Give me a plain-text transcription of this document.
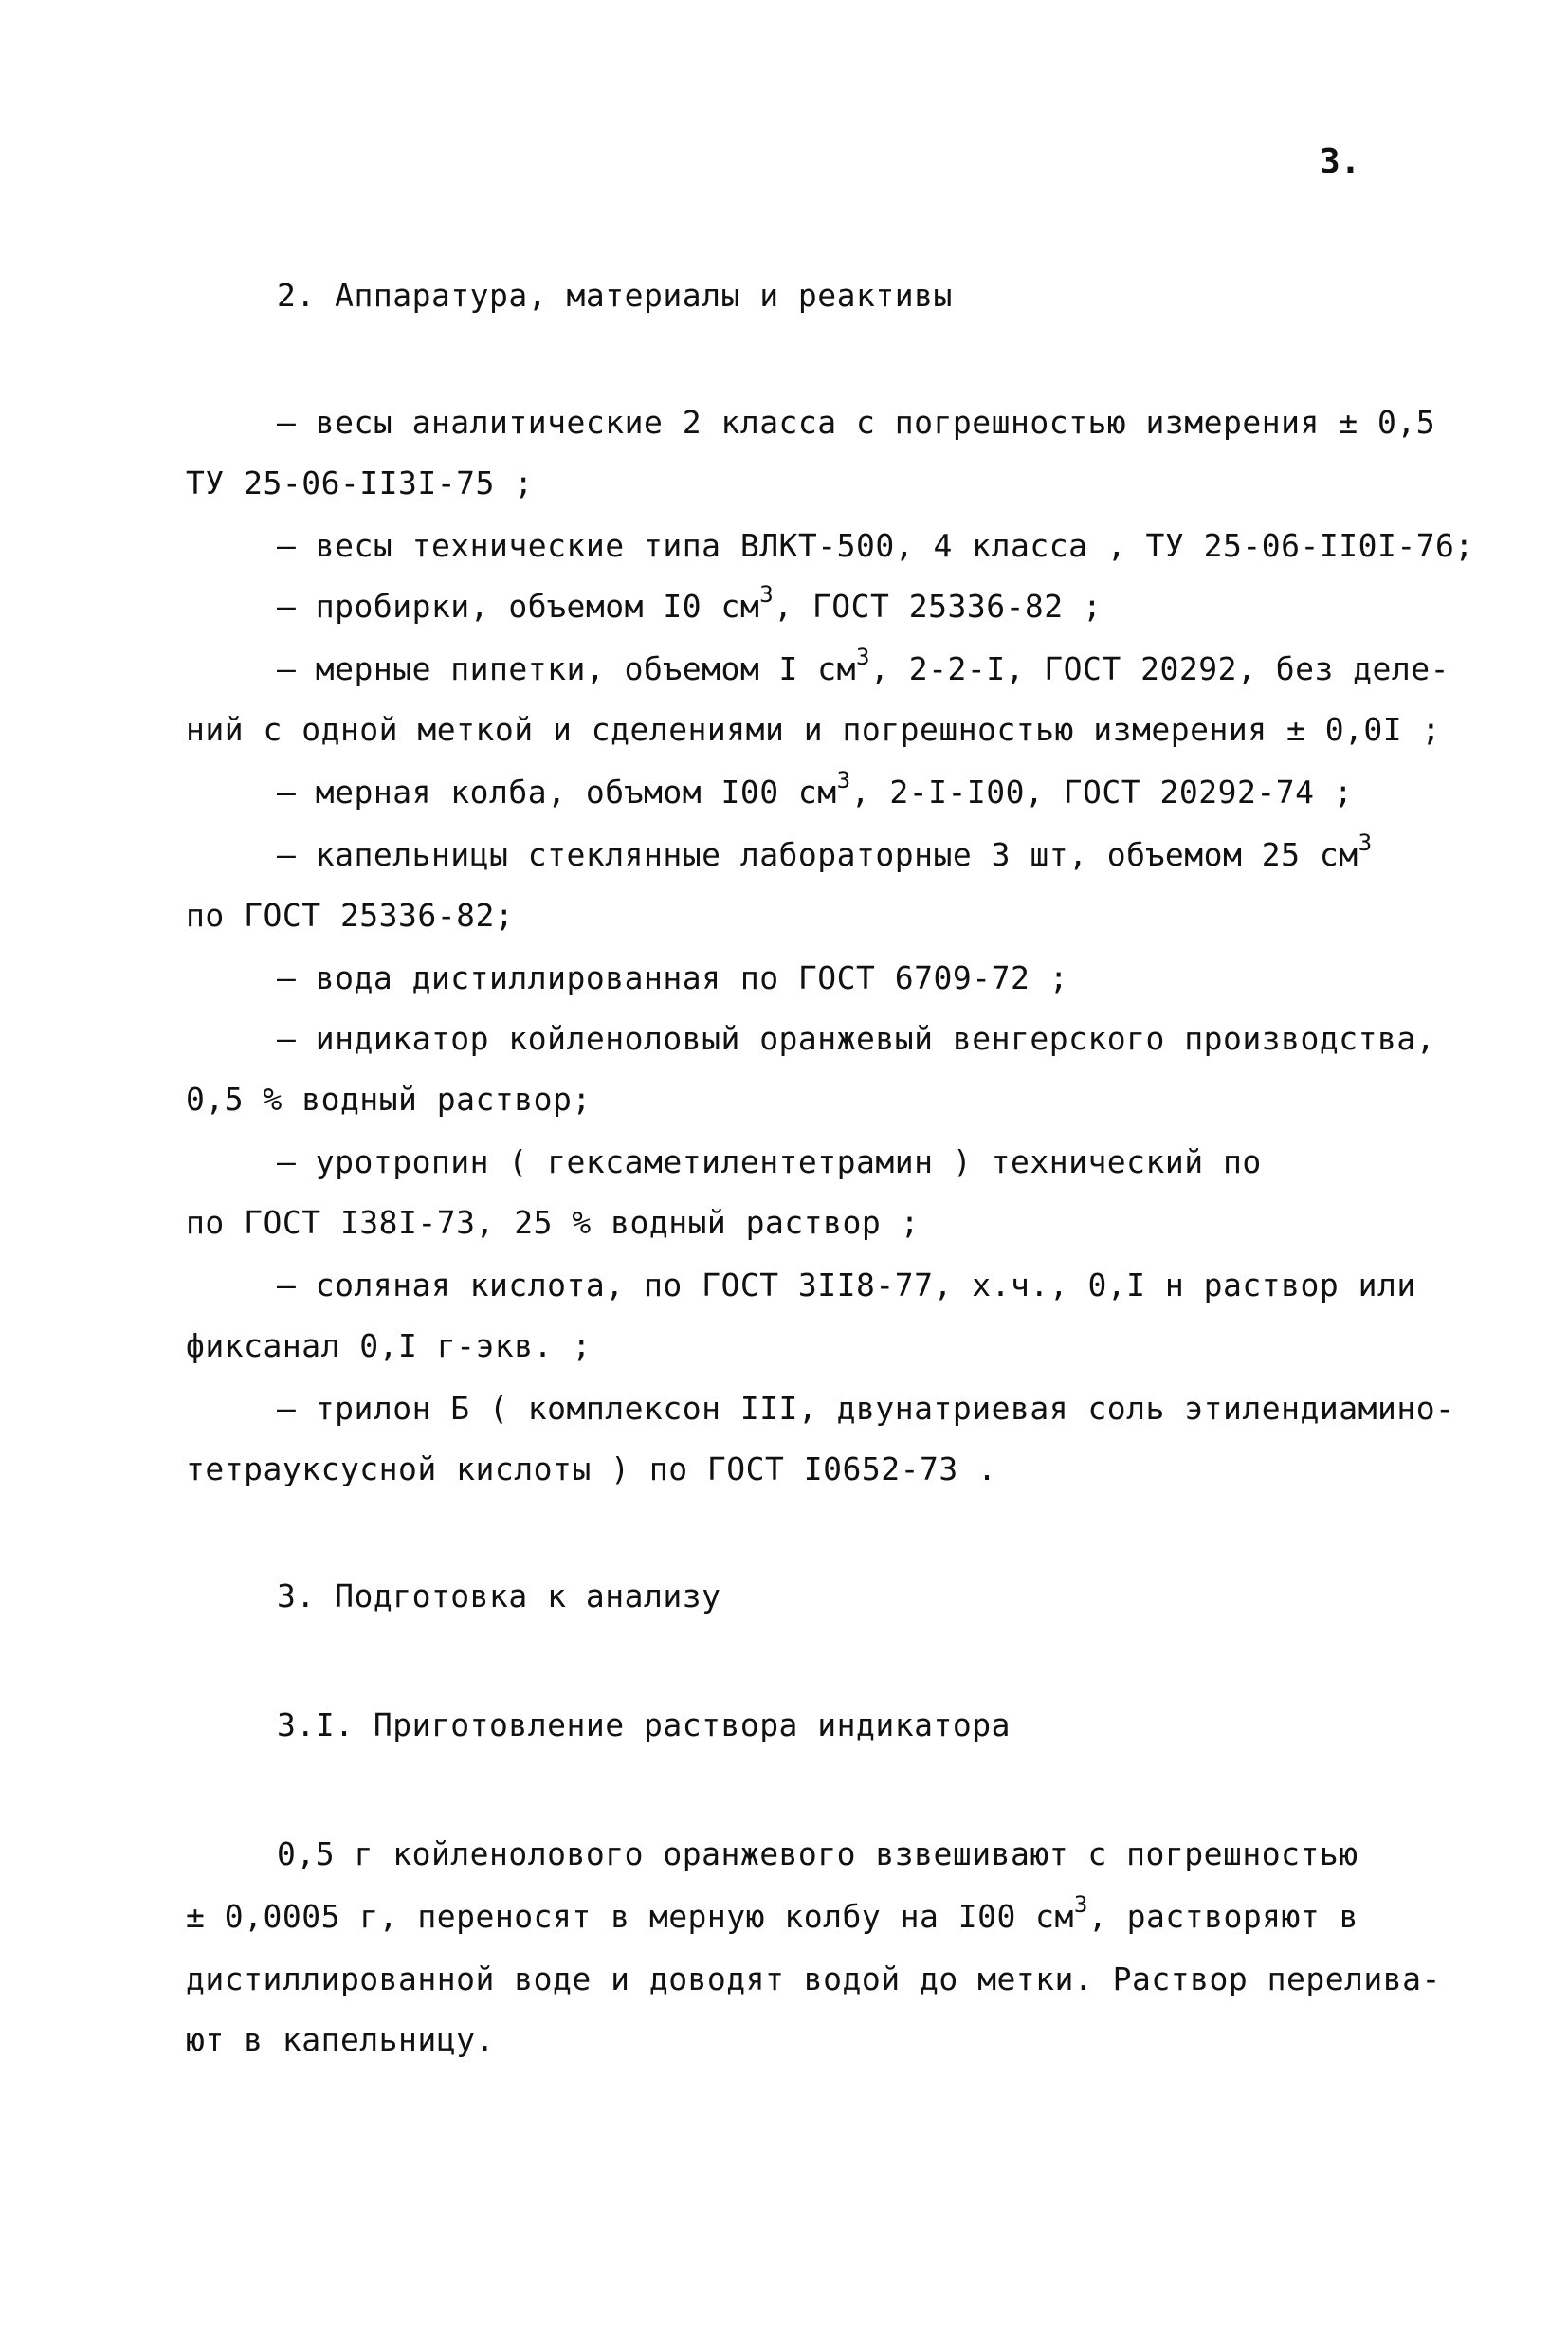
3.
2. Аппаратура, материалы и реактивы
– весы аналитические 2 класса с погрешностью измерения ± 0,5
ТУ 25-06-II3I-75 ;
– весы технические типа ВЛКТ-500, 4 класса , ТУ 25-06-II0I-76;
– пробирки, объемом I0 $см^3$, ГОСТ 25336-82 ;
– мерные пипетки, объемом I $см^3$, 2-2-I, ГОСТ 20292, без деле-
ний с одной меткой и сделениями и погрешностью измерения ± 0,0I ;
– мерная колба, объмом I00 $см^3$, 2-I-I00, ГОСТ 20292-74 ;
– капельницы стеклянные лабораторные 3 шт, объемом 25 $см^3$
по ГОСТ 25336-82;
– вода дистиллированная по ГОСТ 6709-72 ;
– индикатор койленоловый оранжевый венгерского производства,
0,5 % водный раствор;
– уротропин ( гексаметилентетрамин ) технический по
по ГОСТ I38I-73, 25 % водный раствор ;
– соляная кислота, по ГОСТ 3II8-77, х.ч., 0,I н раствор или
фиксанал 0,I г-экв. ;
– трилон Б ( комплексон III, двунатриевая соль этилендиамино-
тетрауксусной кислоты ) по ГОСТ I0652-73 .
3. Подготовка к анализу
3.I. Приготовление раствора индикатора
0,5 г койленолового оранжевого взвешивают с погрешностью
± 0,0005 г, переносят в мерную колбу на I00 $см^3$, растворяют в
дистиллированной воде и доводят водой до метки. Раствор переливa-
ют в капельницу.
